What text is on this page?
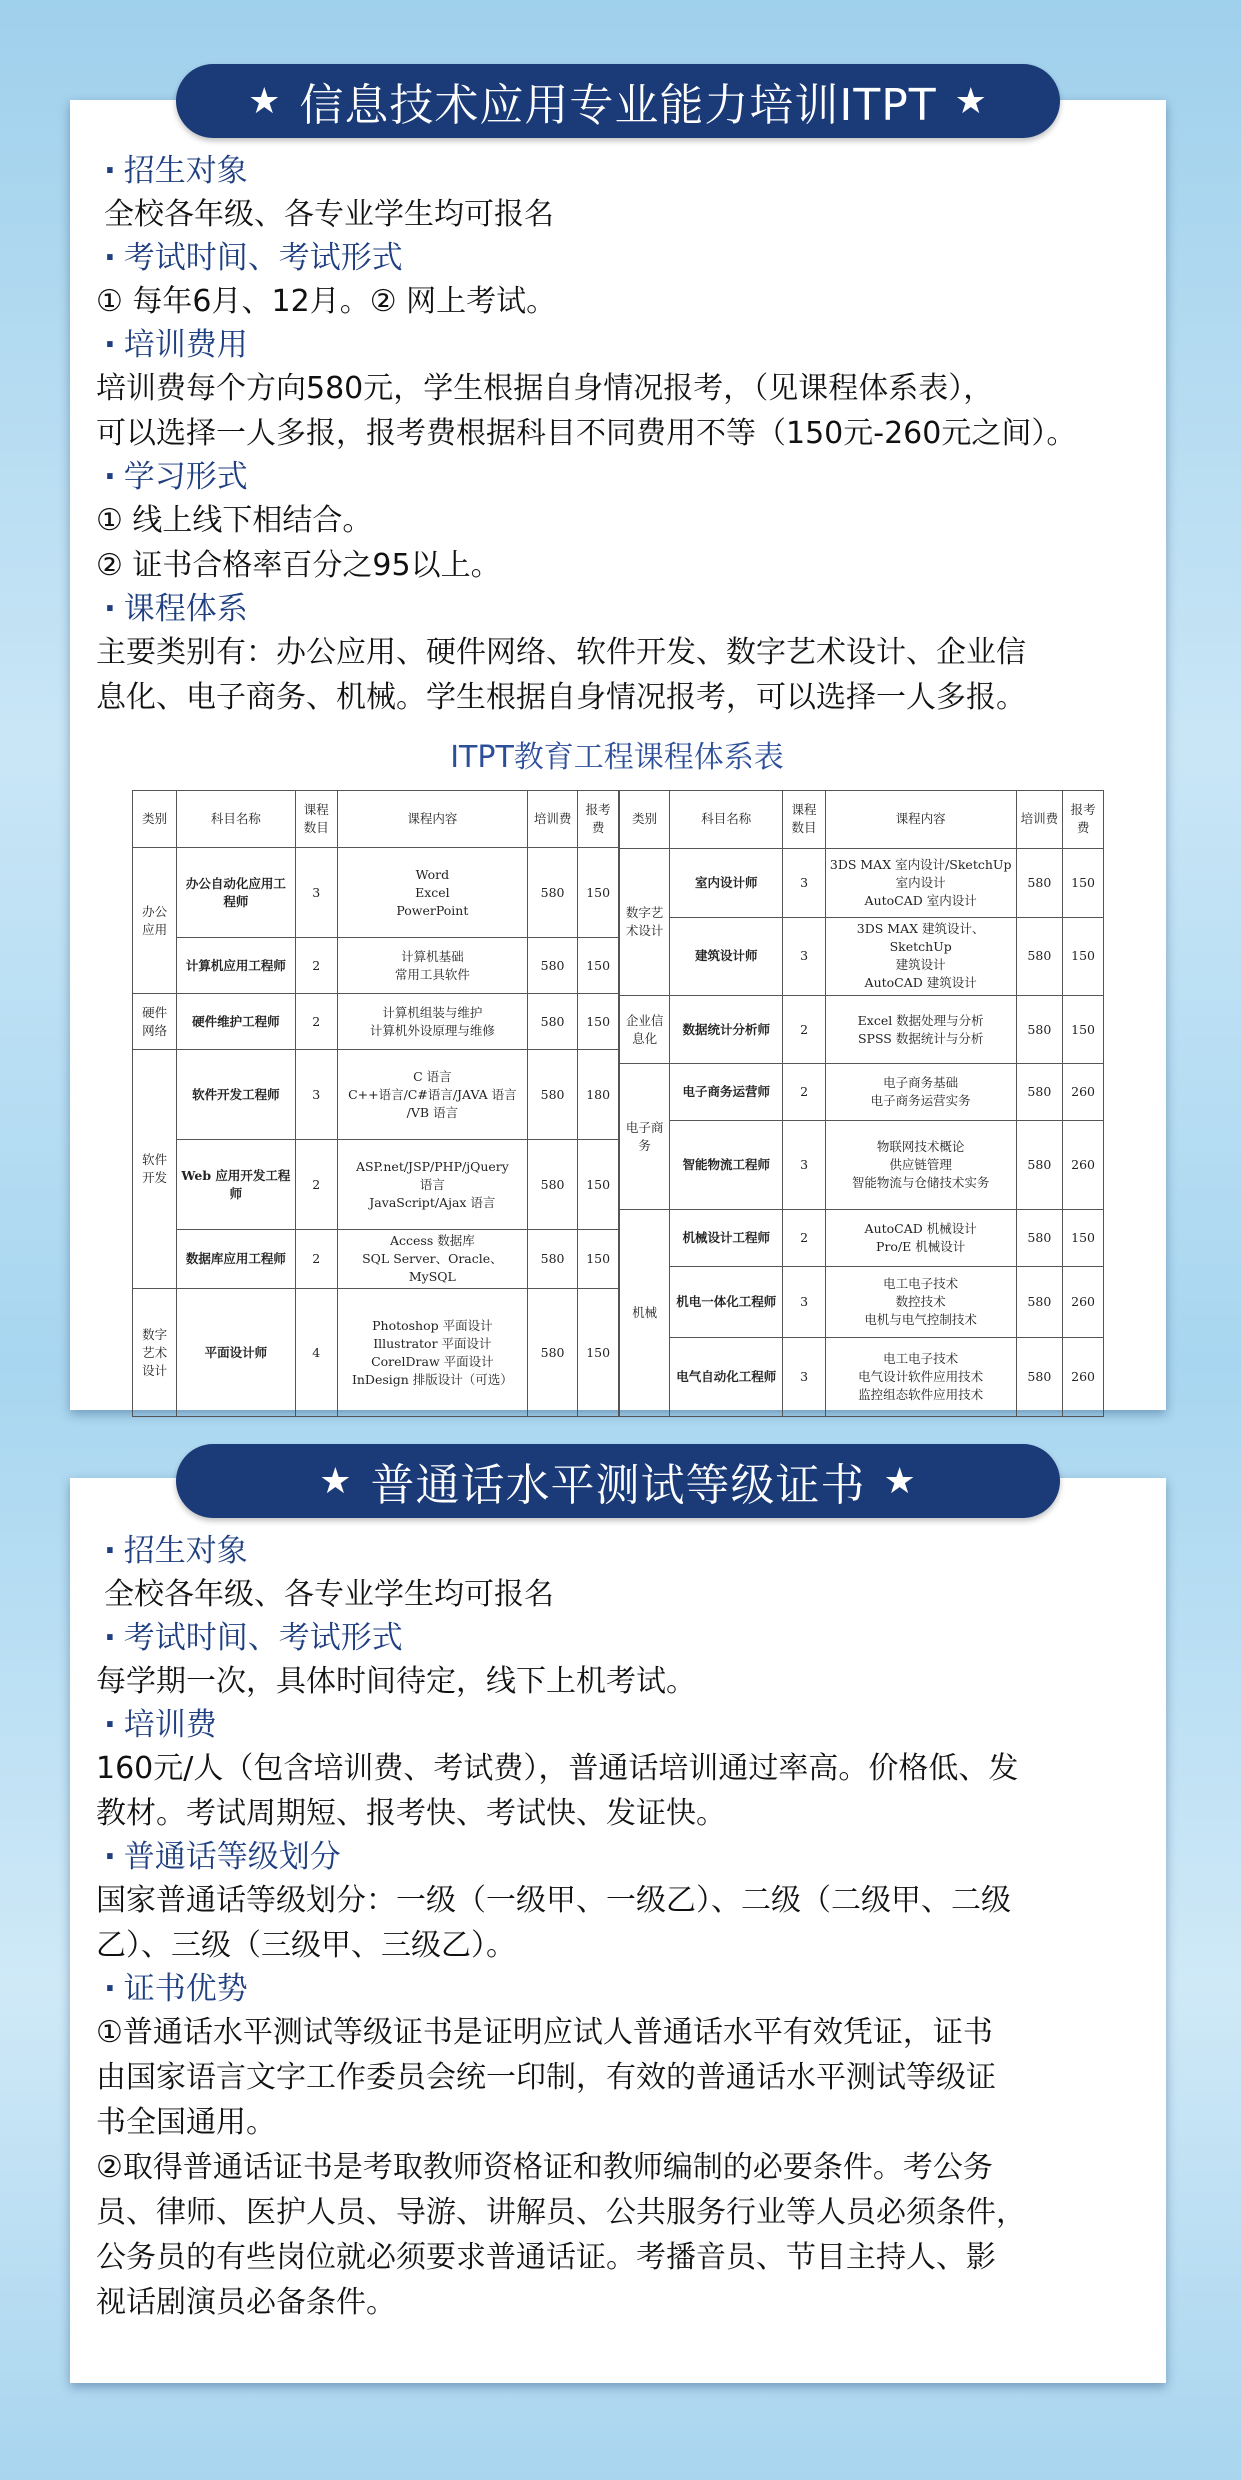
· 招生对象
全校各年级、各专业学生均可报名
· 考试时间、考试形式
① 每年6月、12月。② 网上考试。
· 培训费用
培训费每个方向580元，学生根据自身情况报考，（见课程体系表），
可以选择一人多报，报考费根据科目不同费用不等（150元-260元之间）。
· 学习形式
① 线上线下相结合。
② 证书合格率百分之95以上。
· 课程体系
主要类别有：办公应用、硬件网络、软件开发、数字艺术设计、企业信
息化、电子商务、机械。学生根据自身情况报考，可以选择一人多报。
ITPT教育工程课程体系表
类别	科目名称	课程数目	课程内容	培训费	报考费
办公应用	办公自动化应用工程师	3	Word
Excel
PowerPoint	580	150
	计算机应用工程师	2	计算机基础
常用工具软件	580	150
硬件网络	硬件维护工程师	2	计算机组装与维护
计算机外设原理与维修	580	150
软件开发	软件开发工程师	3	C 语言
C++语言/C#语言/JAVA 语言
/VB 语言	580	180
	Web 应用开发工程师	2	ASP.net/JSP/PHP/jQuery
语言
JavaScript/Ajax 语言	580	150
	数据库应用工程师	2	Access 数据库
SQL Server、Oracle、MySQL	580	150
数字艺术设计	平面设计师	4	Photoshop 平面设计
Illustrator 平面设计
CorelDraw 平面设计
InDesign 排版设计（可选）	580	150
类别	科目名称	课程数目	课程内容	培训费	报考费
数字艺术设计	室内设计师	3	3DS MAX 室内设计/SketchUp
室内设计
AutoCAD 室内设计	580	150
	建筑设计师	3	3DS MAX 建筑设计、SketchUp
建筑设计
AutoCAD 建筑设计	580	150
企业信息化	数据统计分析师	2	Excel 数据处理与分析
SPSS 数据统计与分析	580	150
电子商务	电子商务运营师	2	电子商务基础
电子商务运营实务	580	260
	智能物流工程师	3	物联网技术概论
供应链管理
智能物流与仓储技术实务	580	260
机械	机械设计工程师	2	AutoCAD 机械设计
Pro/E 机械设计	580	150
	机电一体化工程师	3	电工电子技术
数控技术
电机与电气控制技术	580	260
	电气自动化工程师	3	电工电子技术
电气设计软件应用技术
监控组态软件应用技术	580	260
· 招生对象
全校各年级、各专业学生均可报名
· 考试时间、考试形式
每学期一次，具体时间待定，线下上机考试。
· 培训费
160元/人（包含培训费、考试费），普通话培训通过率高。价格低、发
教材。考试周期短、报考快、考试快、发证快。
· 普通话等级划分
国家普通话等级划分：一级（一级甲、一级乙）、二级（二级甲、二级
乙）、三级（三级甲、三级乙）。
· 证书优势
①普通话水平测试等级证书是证明应试人普通话水平有效凭证，证书
由国家语言文字工作委员会统一印制，有效的普通话水平测试等级证
书全国通用。
②取得普通话证书是考取教师资格证和教师编制的必要条件。考公务
员、律师、医护人员、导游、讲解员、公共服务行业等人员必须条件，
公务员的有些岗位就必须要求普通话证。考播音员、节目主持人、影
视话剧演员必备条件。
★ 信息技术应用专业能力培训ITPT ★
★ 普通话水平测试等级证书 ★
